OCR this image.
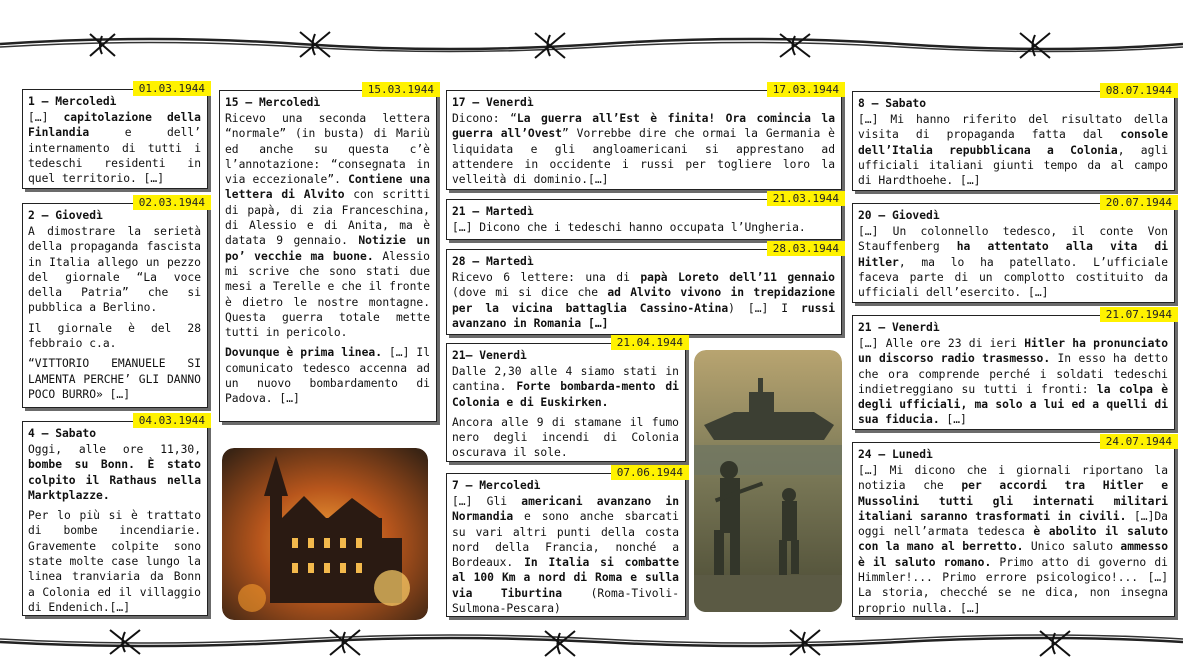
01.03.1944
1 – Mercoledì

[…] capitolazione della Finlandia e dell’ internamento di tutti i tedeschi residenti in quel territorio. […]

02.03.1944
2 – Giovedì

A dimostrare la serietà della propaganda fascista in Italia allego un pezzo del giornale “La voce della Patria” che si pubblica a Berlino.

Il giornale è del 28 febbraio c.a.

“VITTORIO EMANUELE SI LAMENTA PERCHE’ GLI DANNO POCO BURRO» […]

04.03.1944
4 – Sabato

Oggi, alle ore 11,30, bombe su Bonn. È stato colpito il Rathaus nella Marktplazze.

Per lo più si è trattato di bombe incendiarie. Gravemente colpite sono state molte case lungo la linea tranviaria da Bonn a Colonia ed il villaggio di Endenich.[…]

15.03.1944
15 – Mercoledì

Ricevo una seconda lettera “normale” (in busta) di Mariù ed anche su questa c’è l’annotazione: “consegnata in via eccezionale”. Contiene una lettera di Alvito con scritti di papà, di zia Franceschina, di Alessio e di Anita, ma è datata 9 gennaio. Notizie un po’ vecchie ma buone. Alessio mi scrive che sono stati due mesi a Terelle e che il fronte è dietro le nostre montagne. Questa guerra totale mette tutti in pericolo.

Dovunque è prima linea. […] Il comunicato tedesco accenna ad un nuovo bombardamento di Padova. […]

17.03.1944
17 – Venerdì

Dicono: “La guerra all’Est è finita! Ora comincia la guerra all’Ovest” Vorrebbe dire che ormai la Germania è liquidata e gli angloamericani si apprestano ad attendere in occidente i russi per togliere loro la velleità di dominio.[…]

21.03.1944
21 – Martedì

[…] Dicono che i tedeschi hanno occupata l’Ungheria.

28.03.1944
28 – Martedì

Ricevo 6 lettere: una di papà Loreto dell’11 gennaio (dove mi si dice che ad Alvito vivono in trepidazione per la vicina battaglia Cassino-Atina) […] I russi avanzano in Romania […]

21.04.1944
21– Venerdì

Dalle 2,30 alle 4 siamo stati in cantina. Forte bombarda-mento di Colonia e di Euskirken.

Ancora alle 9 di stamane il fumo nero degli incendi di Colonia oscurava il sole.

07.06.1944
7 – Mercoledì

[…] Gli americani avanzano in Normandia e sono anche sbarcati su vari altri punti della costa nord della Francia, nonché a Bordeaux. In Italia si combatte al 100 Km a nord di Roma e sulla via Tiburtina (Roma-Tivoli-Sulmona-Pescara)

08.07.1944
8 – Sabato

[…] Mi hanno riferito del risultato della visita di propaganda fatta dal console dell’Italia repubblicana a Colonia, agli ufficiali italiani giunti tempo da al campo di Hardthoehe. […]

20.07.1944
20 – Giovedì

[…] Un colonnello tedesco, il conte Von Stauffenberg ha attentato alla vita di Hitler, ma lo ha patellato. L’ufficiale faceva parte di un complotto costituito da ufficiali dell’esercito. […]

21.07.1944
21 – Venerdì

[…] Alle ore 23 di ieri Hitler ha pronunciato un discorso radio trasmesso. In esso ha detto che ora comprende perché i soldati tedeschi indietreggiano su tutti i fronti: la colpa è degli ufficiali, ma solo a lui ed a quelli di sua fiducia. […]

24.07.1944
24 – Lunedì

[…] Mi dicono che i giornali riportano la notizia che per accordi tra Hitler e Mussolini tutti gli internati militari italiani saranno trasformati in civili. […]Da oggi nell’armata tedesca è abolito il saluto con la mano al berretto. Unico saluto ammesso è il saluto romano. Primo atto di governo di Himmler!... Primo errore psicologico!... […] La storia, checché se ne dica, non insegna proprio nulla. […]
